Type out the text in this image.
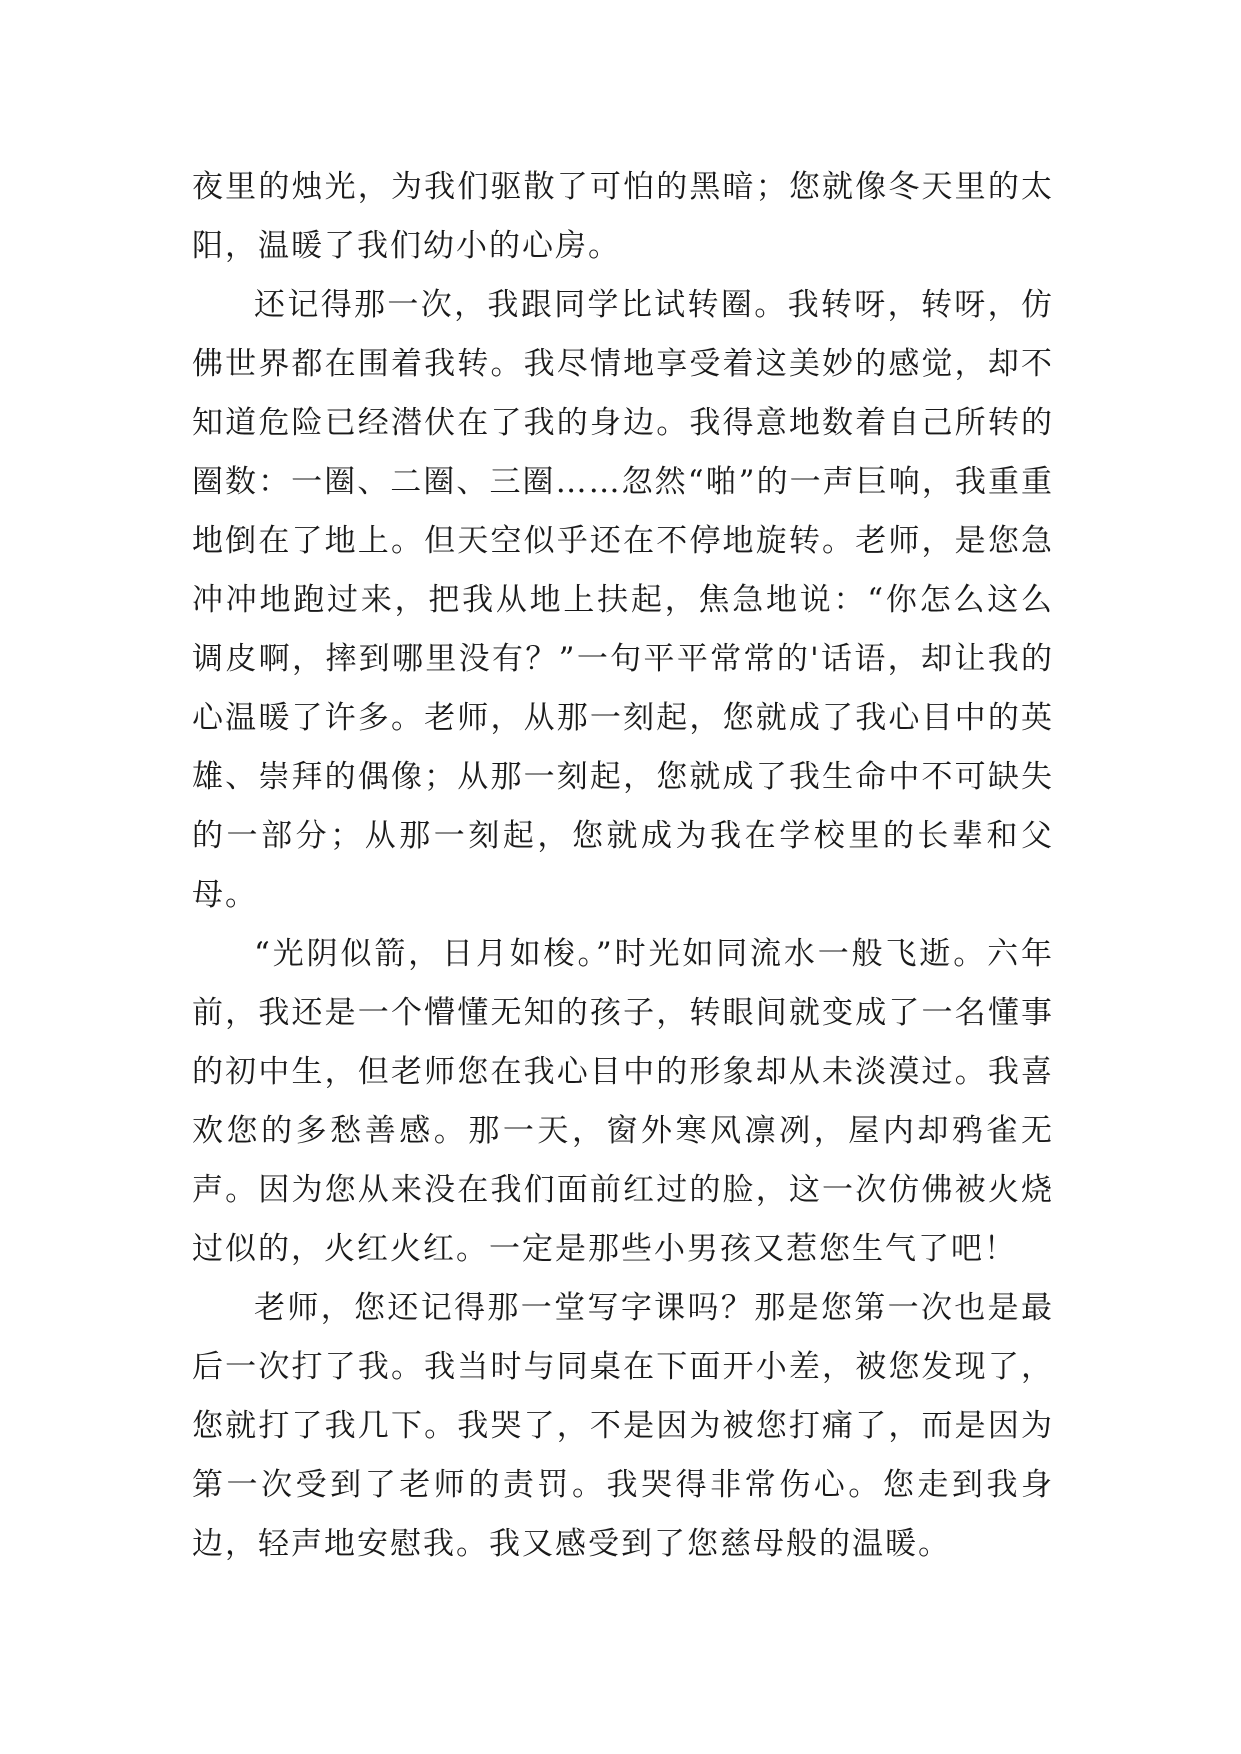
夜里的烛光，为我们驱散了可怕的黑暗；您就像冬天里的太阳，温暖了我们幼小的心房。

还记得那一次，我跟同学比试转圈。我转呀，转呀，仿佛世界都在围着我转。我尽情地享受着这美妙的感觉，却不知道危险已经潜伏在了我的身边。我得意地数着自己所转的圈数：一圈、二圈、三圈……忽然“啪”的一声巨响，我重重地倒在了地上。但天空似乎还在不停地旋转。老师，是您急冲冲地跑过来，把我从地上扶起，焦急地说：“你怎么这么调皮啊，摔到哪里没有？”一句平平常常的'话语，却让我的心温暖了许多。老师，从那一刻起，您就成了我心目中的英雄、崇拜的偶像；从那一刻起，您就成了我生命中不可缺失的一部分；从那一刻起，您就成为我在学校里的长辈和父母。

“光阴似箭，日月如梭。”时光如同流水一般飞逝。六年前，我还是一个懵懂无知的孩子，转眼间就变成了一名懂事的初中生，但老师您在我心目中的形象却从未淡漠过。我喜欢您的多愁善感。那一天，窗外寒风凛冽，屋内却鸦雀无声。因为您从来没在我们面前红过的脸，这一次仿佛被火烧过似的，火红火红。一定是那些小男孩又惹您生气了吧！

老师，您还记得那一堂写字课吗？那是您第一次也是最后一次打了我。我当时与同桌在下面开小差，被您发现了，您就打了我几下。我哭了，不是因为被您打痛了，而是因为第一次受到了老师的责罚。我哭得非常伤心。您走到我身边，轻声地安慰我。我又感受到了您慈母般的温暖。
